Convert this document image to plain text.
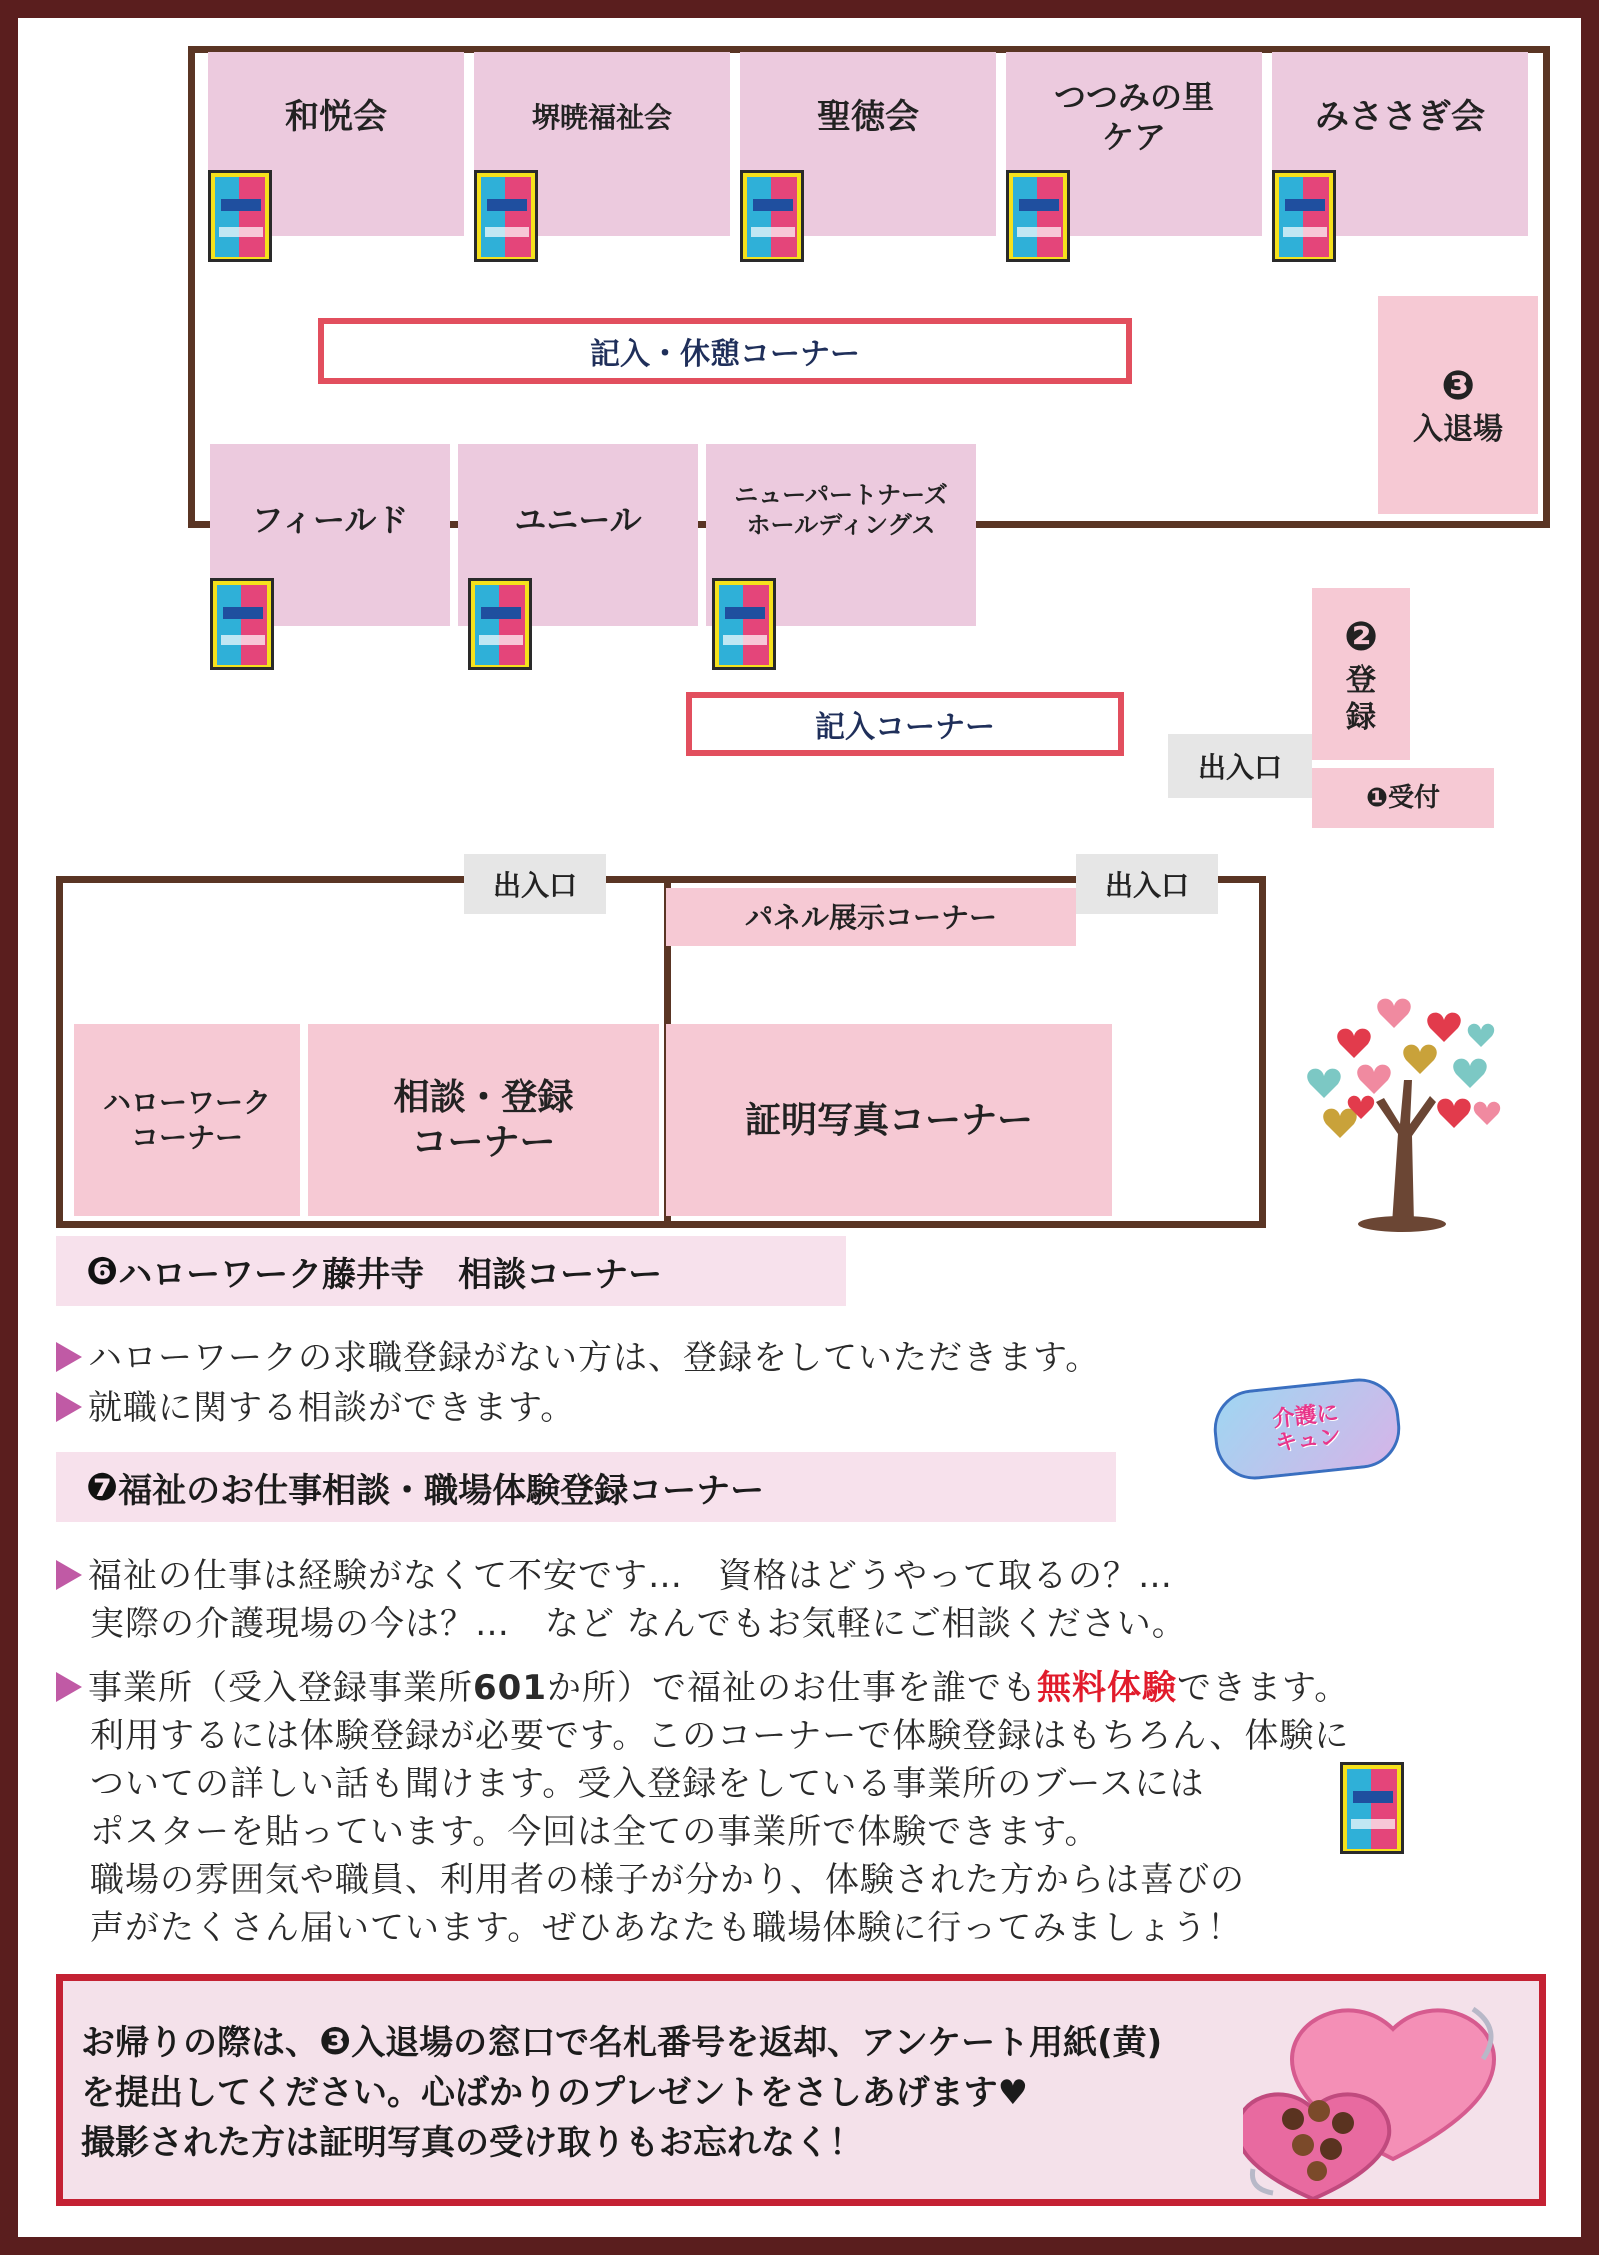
和悦会	堺暁福祉会	聖徳会	つつみの里
ケア
みささぎ会
記入・休憩コーナー
❸
入退場
フィールド	ユニール
ニューパートナーズ
ホールディングス
❷
登
録
記入コーナー
出入口
❶受付
出入口	出入口
パネル展示コーナー
ハローワーク
コーナー
相談・登録
コーナー
証明写真コーナー
❻ ハローワーク藤井寺　相談コーナー
ハローワークの求職登録がない方は、登録をしていただきます。
就職に関する相談ができます。	介護に
キュン
❼ 福祉のお仕事相談・職場体験登録コーナー
福祉の仕事は経験がなくて不安です…　資格はどうやって取るの？…
実際の介護現場の今は？…　など なんでもお気軽にご相談ください。
事業所（受入登録事業所601か所）で福祉のお仕事を誰でも無料体験できます。
利用するには体験登録が必要です。このコーナーで体験登録はもちろん、体験に
ついての詳しい話も聞けます。受入登録をしている事業所のブースには
ポスターを貼っています。今回は全ての事業所で体験できます。
職場の雰囲気や職員、利用者の様子が分かり、体験された方からは喜びの
声がたくさん届いています。ぜひあなたも職場体験に行ってみましょう！
お帰りの際は、❸入退場の窓口で名札番号を返却、アンケート用紙(黄)
を提出してください。心ばかりのプレゼントをさしあげます♥
撮影された方は証明写真の受け取りもお忘れなく！
